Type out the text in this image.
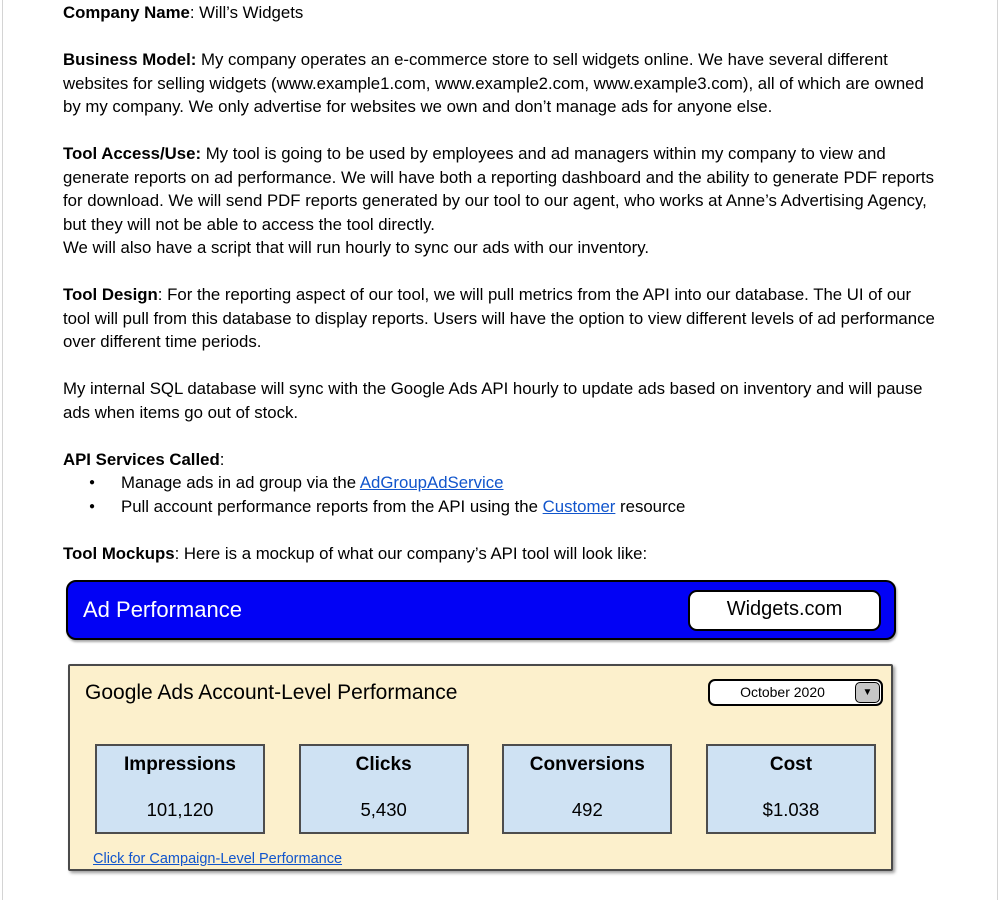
Company Name: Will’s Widgets

Business Model: My company operates an e-commerce store to sell widgets online. We have several different websites for selling widgets (www.example1.com, www.example2.com, www.example3.com), all of which are owned by my company. We only advertise for websites we own and don’t manage ads for anyone else.

Tool Access/Use: My tool is going to be used by employees and ad managers within my company to view and generate reports on ad performance. We will have both a reporting dashboard and the ability to generate PDF reports for download. We will send PDF reports generated by our tool to our agent, who works at Anne’s Advertising Agency, but they will not be able to access the tool directly.
We will also have a script that will run hourly to sync our ads with our inventory.

Tool Design: For the reporting aspect of our tool, we will pull metrics from the API into our database. The UI of our tool will pull from this database to display reports. Users will have the option to view different levels of ad performance over different time periods.

My internal SQL database will sync with the Google Ads API hourly to update ads based on inventory and will pause ads when items go out of stock.

API Services Called:

● Manage ads in ad group via the AdGroupAdService
● Pull account performance reports from the API using the Customer resource

Tool Mockups: Here is a mockup of what our company’s API tool will look like:

Ad Performance	Widgets.com
Google Ads Account-Level Performance	October 2020	▼
Impressions
101,120
Clicks
5,430
Conversions
492
Cost
$1.038
Click for Campaign-Level Performance
